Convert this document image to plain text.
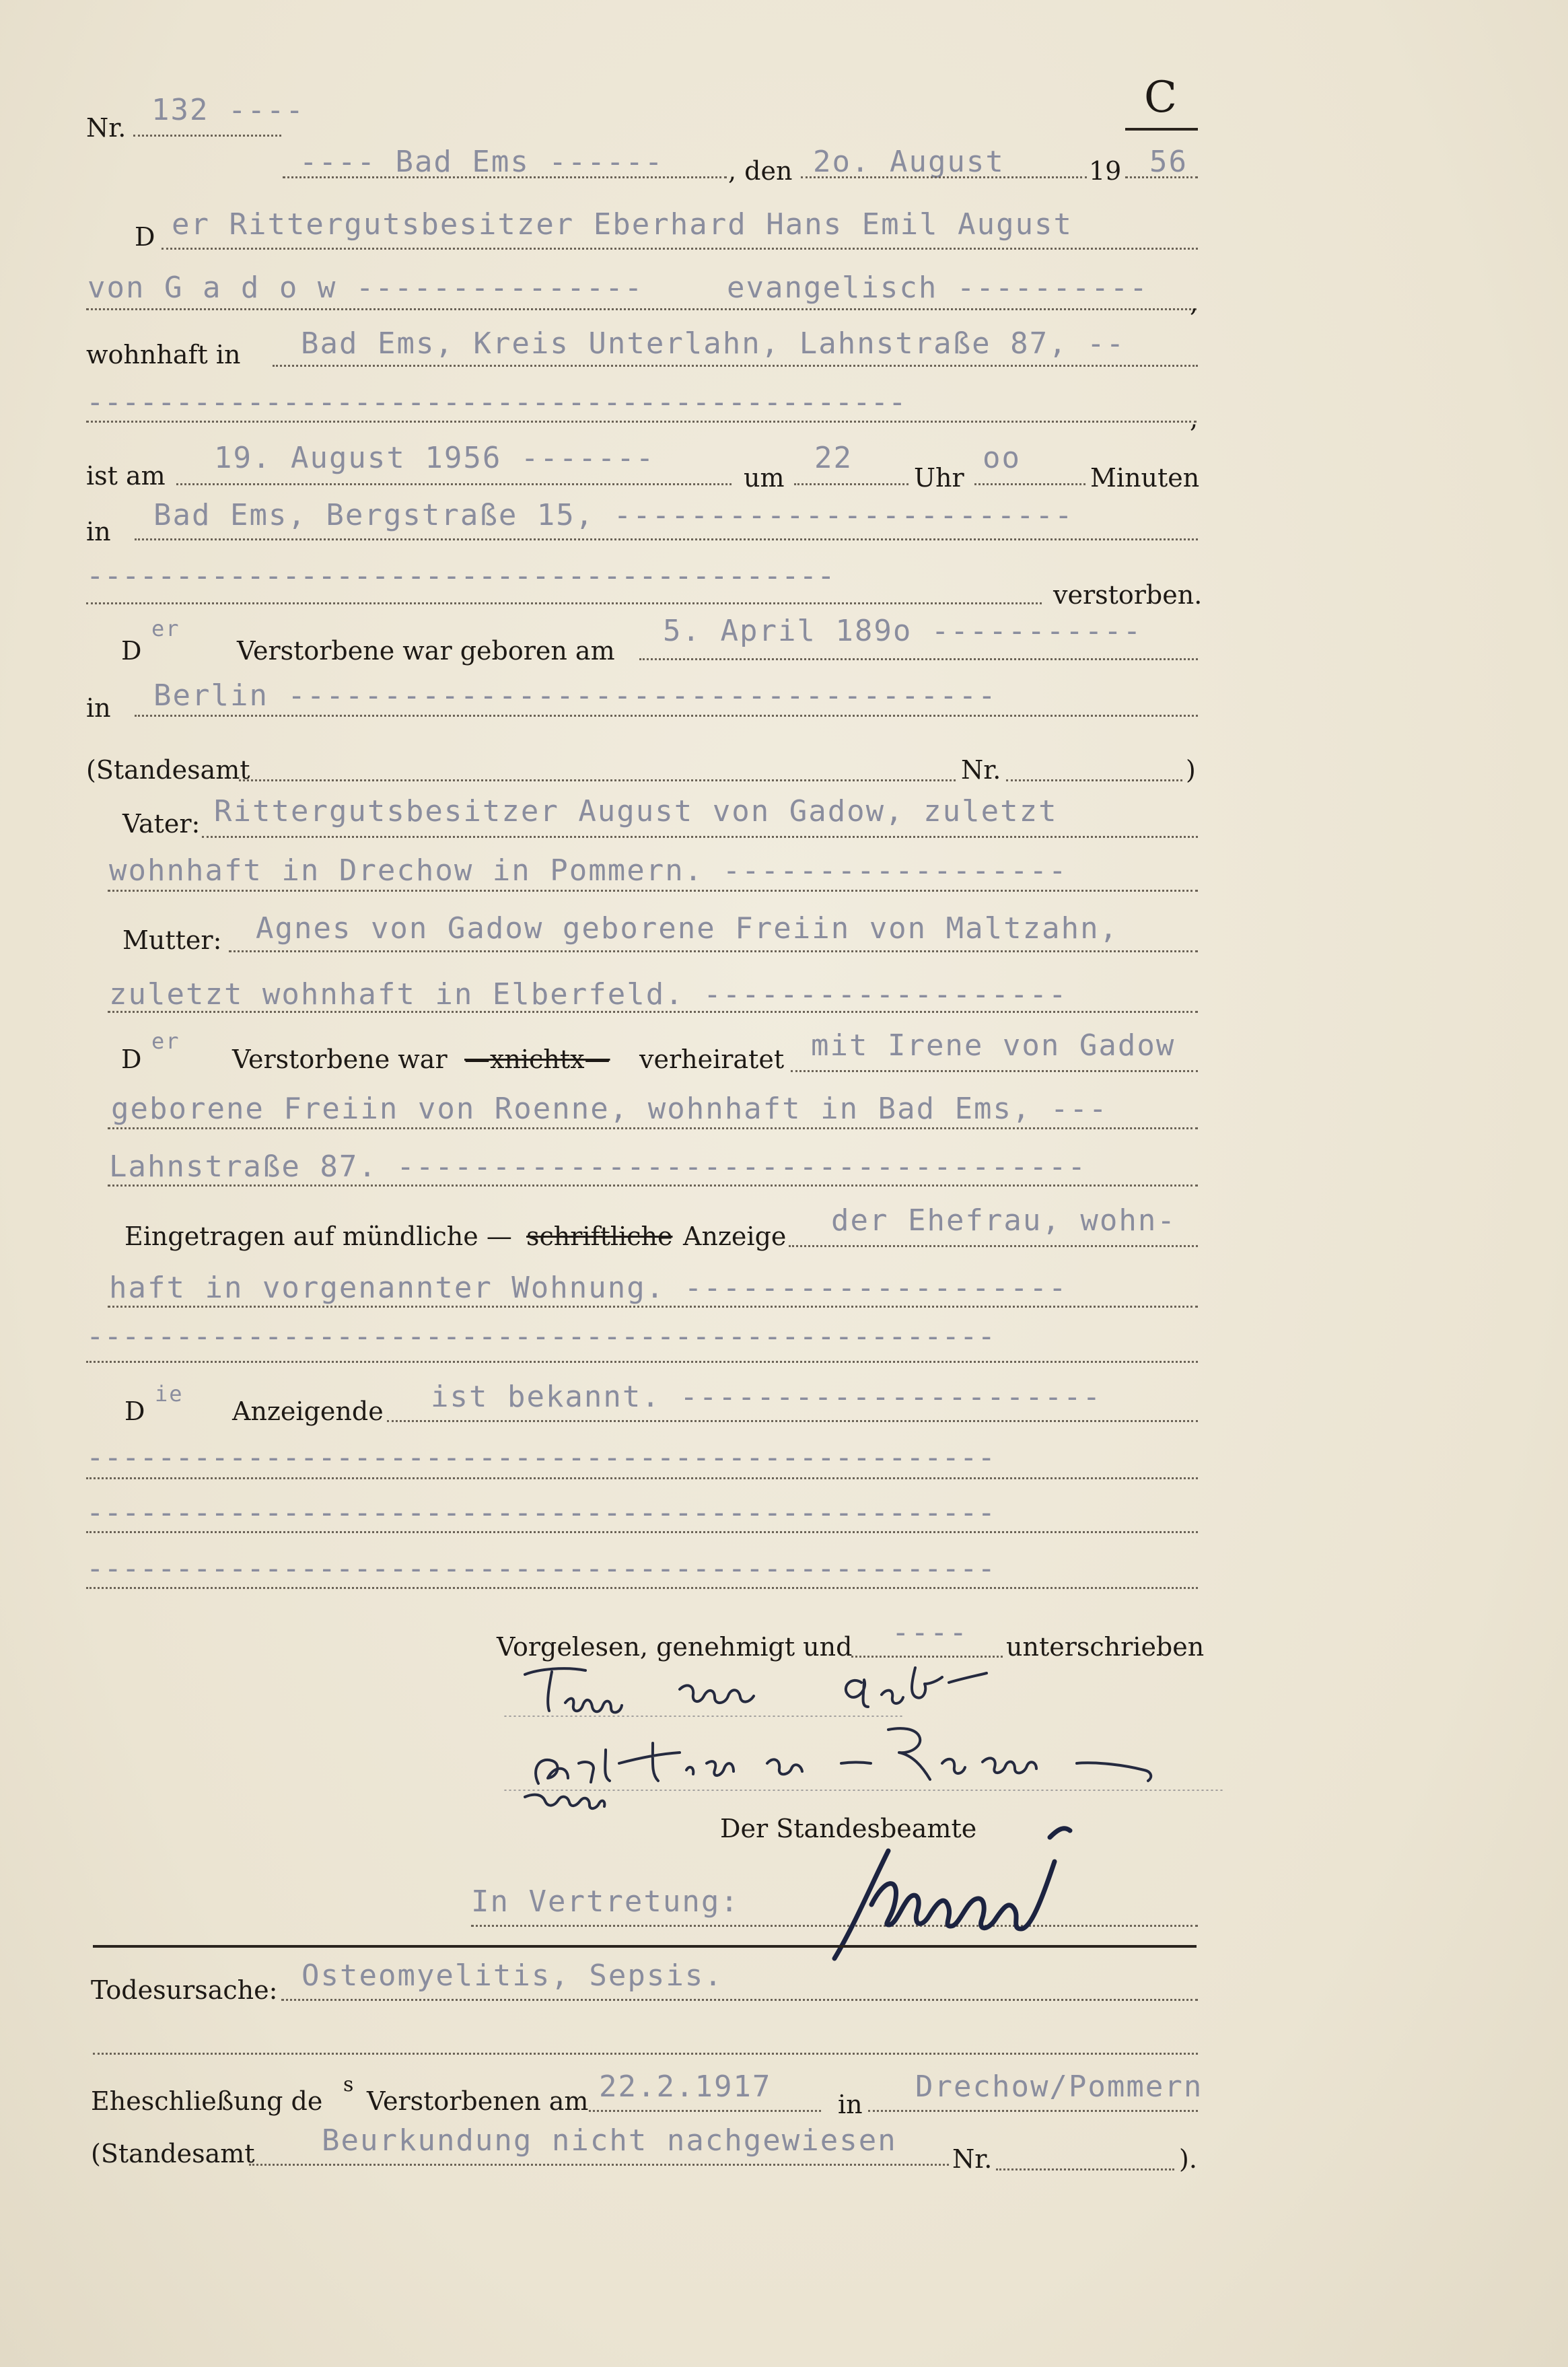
Nr.
132 ----	C
---- Bad Ems ------	, den 2o. August	19 56
D er Rittergutsbesitzer Eberhard Hans Emil August
von G a d o w ---------------	evangelisch ---------- ,
wohnhaft in Bad Ems, Kreis Unterlahn, Lahnstraße 87, --
----------------------------------------------	,
ist am
19. August 1956 -------
um
22
Uhr
oo
Minuten
in Bad Ems, Bergstraße 15, ------------------------
------------------------------------------
verstorben.
D
er
Verstorbene war geboren am
5. April 189o -----------
in Berlin -------------------------------------
(Standesamt	Nr.	)
Vater: Rittergutsbesitzer August von Gadow, zuletzt
wohnhaft in Drechow in Pommern. ------------------
Mutter: Agnes von Gadow geborene Freiin von Maltzahn,
zuletzt wohnhaft in Elberfeld. -------------------
D
er
Verstorbene war —xnichtx— verheiratet mit Irene von Gadow
geborene Freiin von Roenne, wohnhaft in Bad Ems, ---
Lahnstraße 87. ------------------------------------
Eingetragen auf mündliche — schriftliche Anzeige der Ehefrau, wohn-
haft in vorgenannter Wohnung. --------------------
---------------------------------------------------
D
ie
Anzeigende ist bekannt. ----------------------
---------------------------------------------------
---------------------------------------------------
---------------------------------------------------
Vorgelesen, genehmigt und ---- unterschrieben
Der Standesbeamte
In Vertretung:
Todesursache: Osteomyelitis, Sepsis.
Eheschließung de
s
Verstorbenen am 22.2.1917
in
Drechow/Pommern
(Standesamt Beurkundung nicht nachgewiesen
Nr.	).
